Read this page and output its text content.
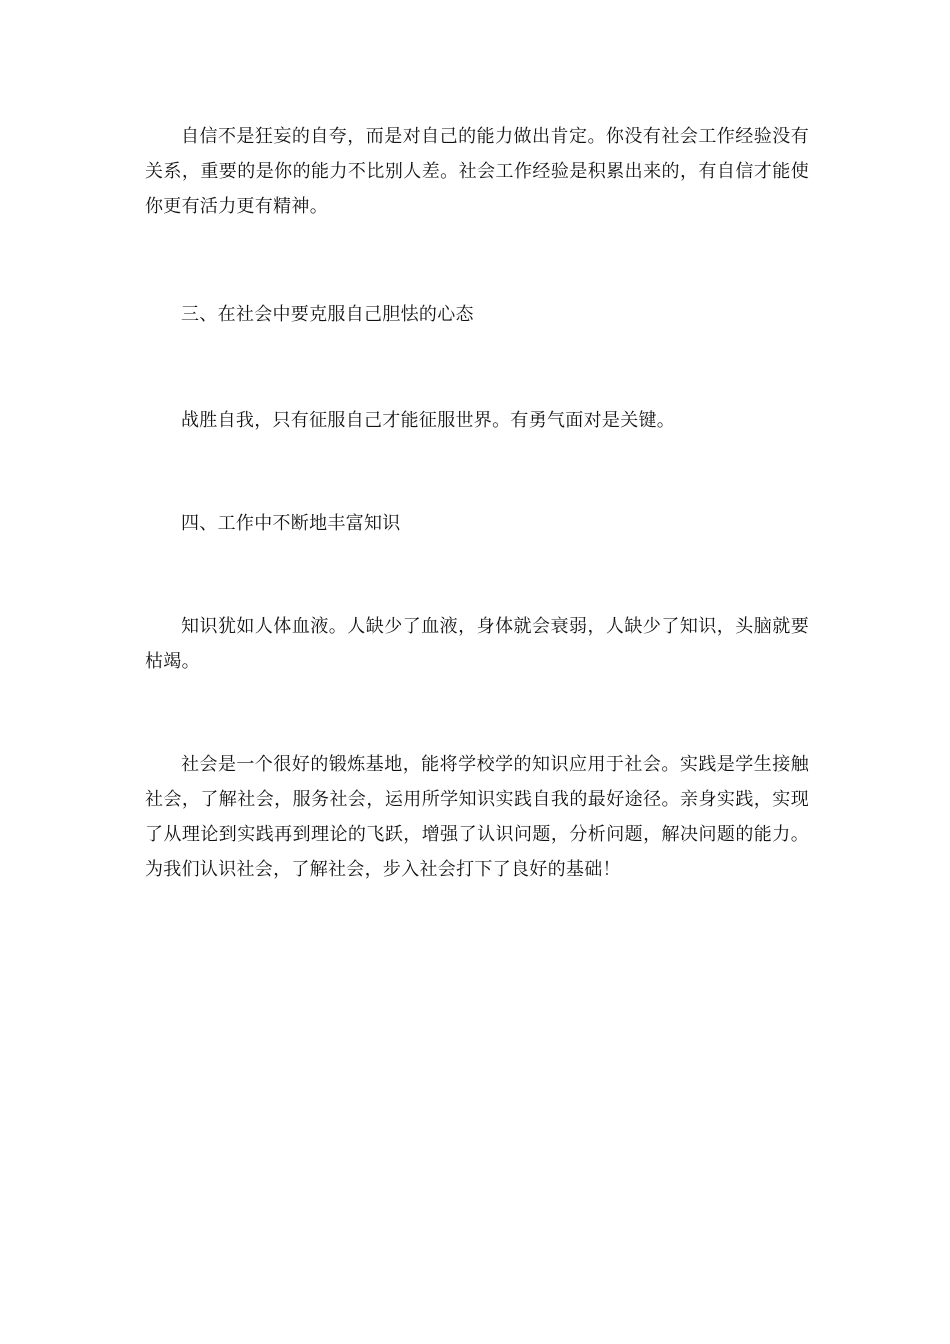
自信不是狂妄的自夸，而是对自己的能力做出肯定。你没有社会工作经验没有关系，重要的是你的能力不比别人差。社会工作经验是积累出来的，有自信才能使你更有活力更有精神。

三、在社会中要克服自己胆怯的心态

战胜自我，只有征服自己才能征服世界。有勇气面对是关键。

四、工作中不断地丰富知识

知识犹如人体血液。人缺少了血液，身体就会衰弱，人缺少了知识，头脑就要枯竭。

社会是一个很好的锻炼基地，能将学校学的知识应用于社会。实践是学生接触社会，了解社会，服务社会，运用所学知识实践自我的最好途径。亲身实践，实现了从理论到实践再到理论的飞跃，增强了认识问题，分析问题，解决问题的能力。为我们认识社会，了解社会，步入社会打下了良好的基础！
